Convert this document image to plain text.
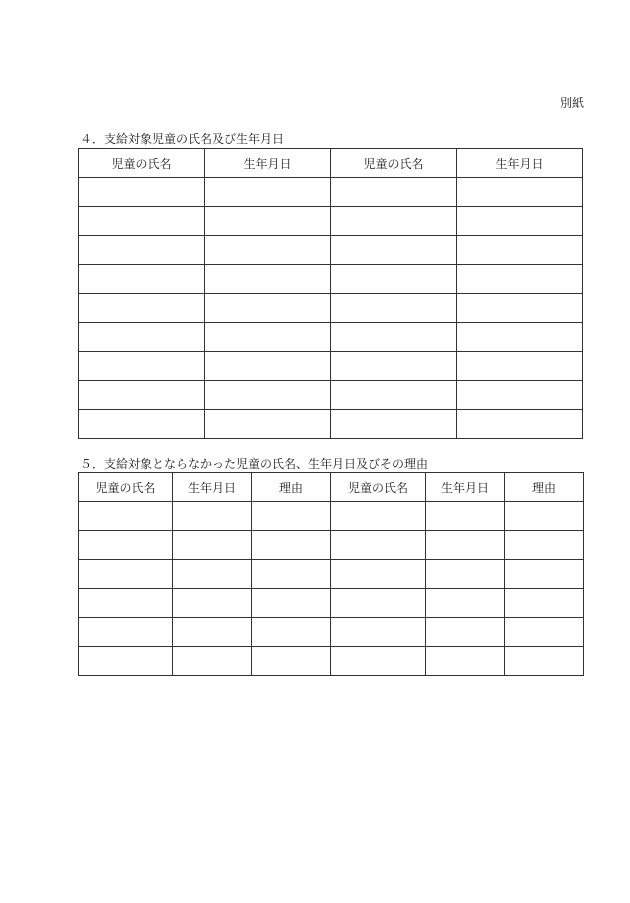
別紙
４．支給対象児童の氏名及び生年月日
児童の氏名	生年月日	児童の氏名	生年月日

５．支給対象とならなかった児童の氏名、生年月日及びその理由
児童の氏名	生年月日	理由	児童の氏名	生年月日	理由
